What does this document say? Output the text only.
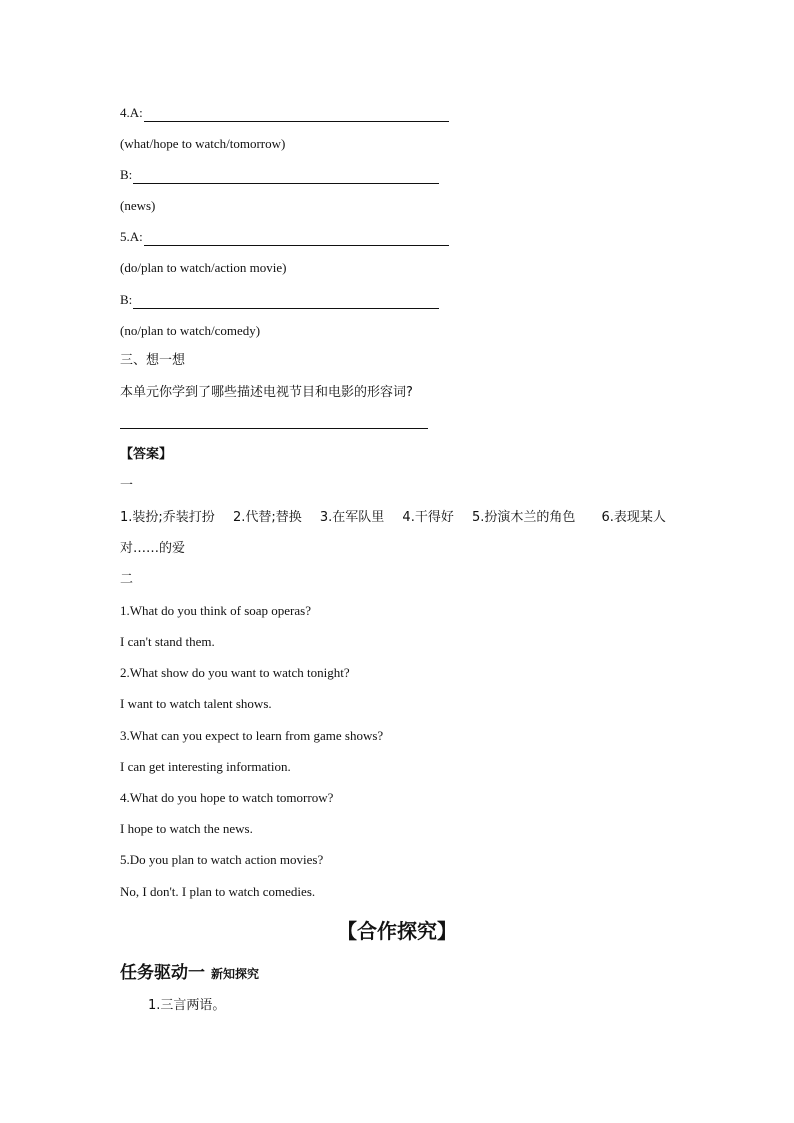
4.A:
(what/hope to watch/tomorrow)
B:
(news)
5.A:
(do/plan to watch/action movie)
B:
(no/plan to watch/comedy)
三、想一想
本单元你学到了哪些描述电视节目和电影的形容词?
【答案】
一
1.装扮;乔装打扮 2.代替;替换 3.在军队里 4.干得好 5.扮演木兰的角色 6.表现某人
对……的爱
二
1.What do you think of soap operas?
I can't stand them.
2.What show do you want to watch tonight?
I want to watch talent shows.
3.What can you expect to learn from game shows?
I can get interesting information.
4.What do you hope to watch tomorrow?
I hope to watch the news.
5.Do you plan to watch action movies?
No, I don't. I plan to watch comedies.
【合作探究】
任务驱动一 新知探究
1.三言两语。
